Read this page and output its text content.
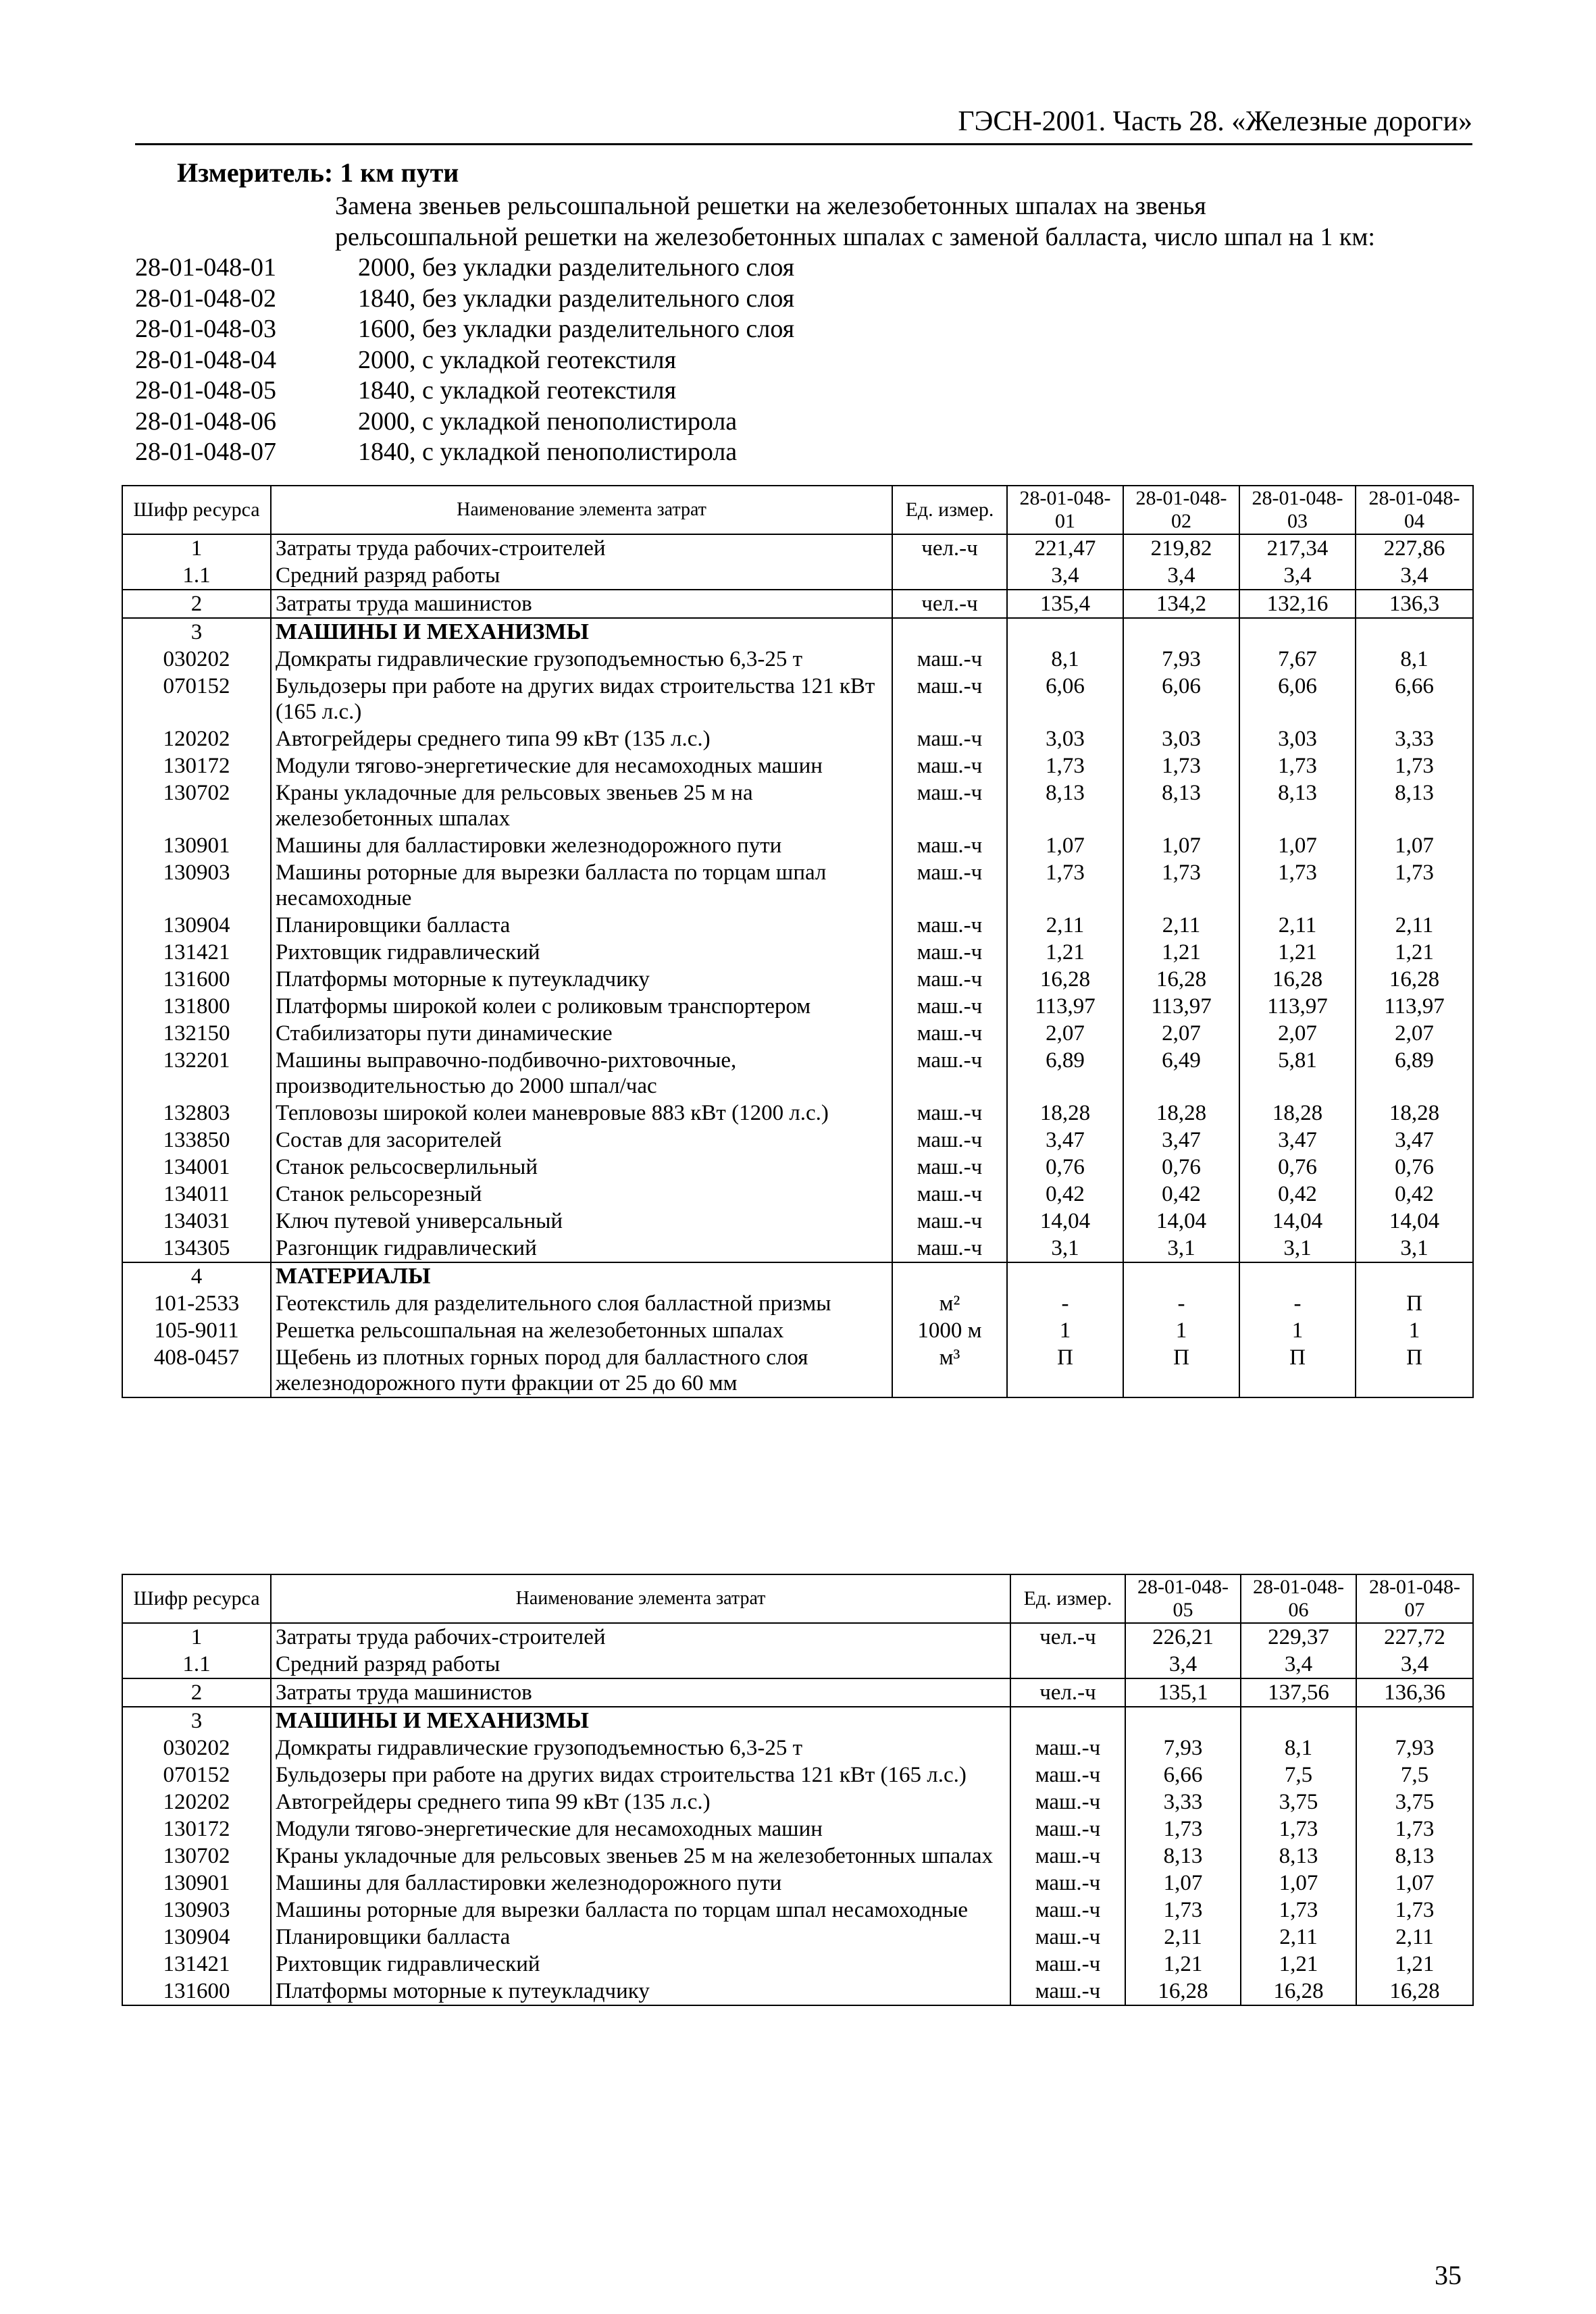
ГЭСН-2001. Часть 28. «Железные дороги»
Измеритель: 1 км пути
Замена звеньев рельсошпальной решетки на железобетонных шпалах на звенья
рельсошпальной решетки на железобетонных шпалах с заменой балласта, число шпал на 1 км:
28-01-048-01	2000, без укладки разделительного слоя
28-01-048-02	1840, без укладки разделительного слоя
28-01-048-03	1600, без укладки разделительного слоя
28-01-048-04	2000, с укладкой геотекстиля
28-01-048-05	1840, с укладкой геотекстиля
28-01-048-06	2000, с укладкой пенополистирола
28-01-048-07	1840, с укладкой пенополистирола
Шифр ресурса	Наименование элемента затрат	Ед. измер.	28-01-048-01	28-01-048-02	28-01-048-03	28-01-048-04
1	Затраты труда рабочих-строителей	чел.-ч	221,47	219,82	217,34	227,86
1.1	Средний разряд работы		3,4	3,4	3,4	3,4
2	Затраты труда машинистов	чел.-ч	135,4	134,2	132,16	136,3
3	МАШИНЫ И МЕХАНИЗМЫ					
030202	Домкраты гидравлические грузоподъемностью 6,3-25 т	маш.-ч	8,1	7,93	7,67	8,1
070152	Бульдозеры при работе на других видах строительства 121 кВт (165 л.с.)	маш.-ч	6,06	6,06	6,06	6,66
120202	Автогрейдеры среднего типа 99 кВт (135 л.с.)	маш.-ч	3,03	3,03	3,03	3,33
130172	Модули тягово-энергетические для несамоходных машин	маш.-ч	1,73	1,73	1,73	1,73
130702	Краны укладочные для рельсовых звеньев 25 м на железобетонных шпалах	маш.-ч	8,13	8,13	8,13	8,13
130901	Машины для балластировки железнодорожного пути	маш.-ч	1,07	1,07	1,07	1,07
130903	Машины роторные для вырезки балласта по торцам шпал несамоходные	маш.-ч	1,73	1,73	1,73	1,73
130904	Планировщики балласта	маш.-ч	2,11	2,11	2,11	2,11
131421	Рихтовщик гидравлический	маш.-ч	1,21	1,21	1,21	1,21
131600	Платформы моторные к путеукладчику	маш.-ч	16,28	16,28	16,28	16,28
131800	Платформы широкой колеи с роликовым транспортером	маш.-ч	113,97	113,97	113,97	113,97
132150	Стабилизаторы пути динамические	маш.-ч	2,07	2,07	2,07	2,07
132201	Машины выправочно-подбивочно-рихтовочные, производительностью до 2000 шпал/час	маш.-ч	6,89	6,49	5,81	6,89
132803	Тепловозы широкой колеи маневровые 883 кВт (1200 л.с.)	маш.-ч	18,28	18,28	18,28	18,28
133850	Состав для засорителей	маш.-ч	3,47	3,47	3,47	3,47
134001	Станок рельсосверлильный	маш.-ч	0,76	0,76	0,76	0,76
134011	Станок рельсорезный	маш.-ч	0,42	0,42	0,42	0,42
134031	Ключ путевой универсальный	маш.-ч	14,04	14,04	14,04	14,04
134305	Разгонщик гидравлический	маш.-ч	3,1	3,1	3,1	3,1
4	МАТЕРИАЛЫ					
101-2533	Геотекстиль для разделительного слоя балластной призмы	м²	-	-	-	П
105-9011	Решетка рельсошпальная на железобетонных шпалах	1000 м	1	1	1	1
408-0457	Щебень из плотных горных пород для балластного слоя железнодорожного пути фракции от 25 до 60 мм	м³	П	П	П	П
Шифр ресурса	Наименование элемента затрат	Ед. измер.	28-01-048-05	28-01-048-06	28-01-048-07
1	Затраты труда рабочих-строителей	чел.-ч	226,21	229,37	227,72
1.1	Средний разряд работы		3,4	3,4	3,4
2	Затраты труда машинистов	чел.-ч	135,1	137,56	136,36
3	МАШИНЫ И МЕХАНИЗМЫ				
030202	Домкраты гидравлические грузоподъемностью 6,3-25 т	маш.-ч	7,93	8,1	7,93
070152	Бульдозеры при работе на других видах строительства 121 кВт (165 л.с.)	маш.-ч	6,66	7,5	7,5
120202	Автогрейдеры среднего типа 99 кВт (135 л.с.)	маш.-ч	3,33	3,75	3,75
130172	Модули тягово-энергетические для несамоходных машин	маш.-ч	1,73	1,73	1,73
130702	Краны укладочные для рельсовых звеньев 25 м на железобетонных шпалах	маш.-ч	8,13	8,13	8,13
130901	Машины для балластировки железнодорожного пути	маш.-ч	1,07	1,07	1,07
130903	Машины роторные для вырезки балласта по торцам шпал несамоходные	маш.-ч	1,73	1,73	1,73
130904	Планировщики балласта	маш.-ч	2,11	2,11	2,11
131421	Рихтовщик гидравлический	маш.-ч	1,21	1,21	1,21
131600	Платформы моторные к путеукладчику	маш.-ч	16,28	16,28	16,28
35
